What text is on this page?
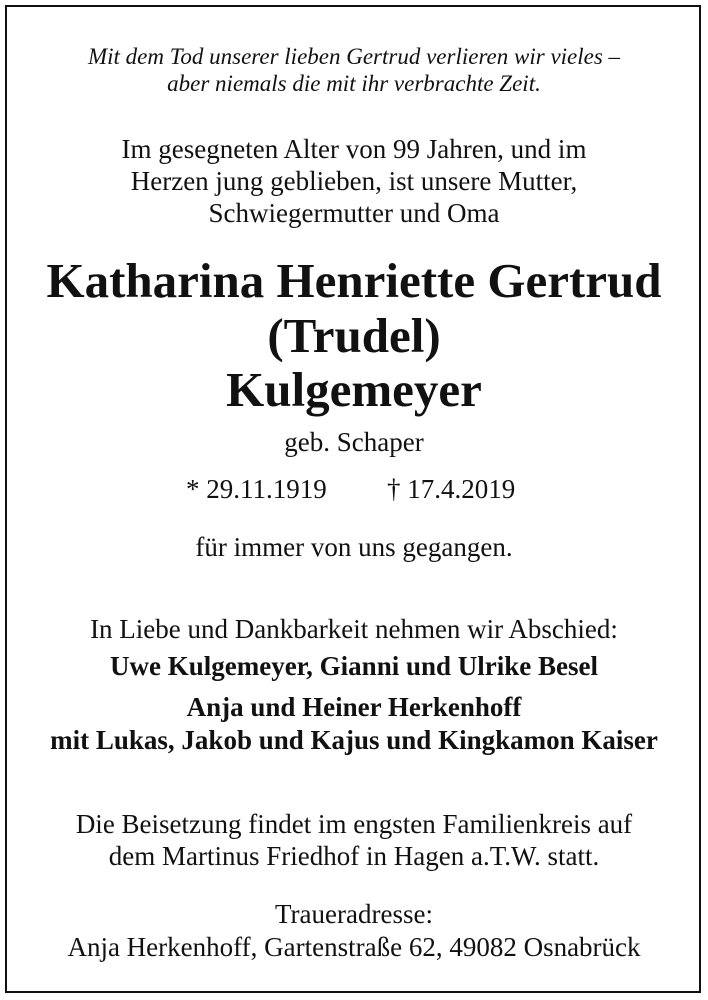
Mit dem Tod unserer lieben Gertrud verlieren wir vieles –
aber niemals die mit ihr verbrachte Zeit.
Im gesegneten Alter von 99 Jahren, und im
Herzen jung geblieben, ist unsere Mutter,
Schwiegermutter und Oma
Katharina Henriette Gertrud
(Trudel)
Kulgemeyer
geb. Schaper
* 29.11.1919 † 17.4.2019
für immer von uns gegangen.
In Liebe und Dankbarkeit nehmen wir Abschied:
Uwe Kulgemeyer, Gianni und Ulrike Besel
Anja und Heiner Herkenhoff
mit Lukas, Jakob und Kajus und Kingkamon Kaiser
Die Beisetzung findet im engsten Familienkreis auf
dem Martinus Friedhof in Hagen a.T.W. statt.
Traueradresse:
Anja Herkenhoff, Gartenstraße 62, 49082 Osnabrück
